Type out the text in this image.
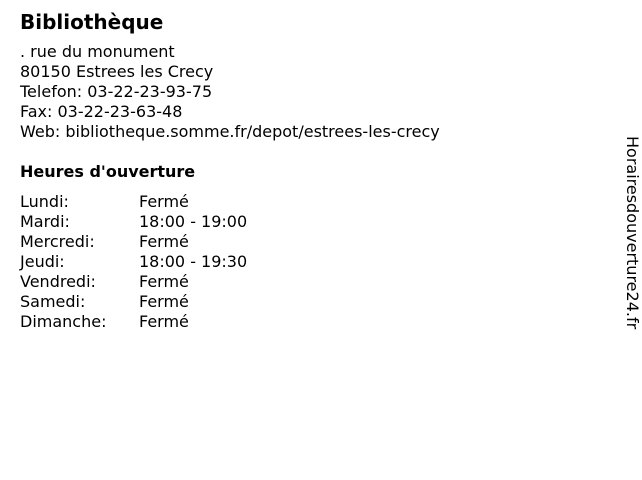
Bibliothèque
. rue du monument
80150 Estrees les Crecy
Telefon: 03-22-23-93-75
Fax: 03-22-23-63-48
Web: bibliotheque.somme.fr/depot/estrees-les-crecy
Heures d'ouverture
Lundi:	Fermé
Mardi:	18:00 - 19:00
Mercredi:	Fermé
Jeudi:	18:00 - 19:30
Vendredi:	Fermé
Samedi:	Fermé
Dimanche:	Fermé	Horairesdouverture24.fr
